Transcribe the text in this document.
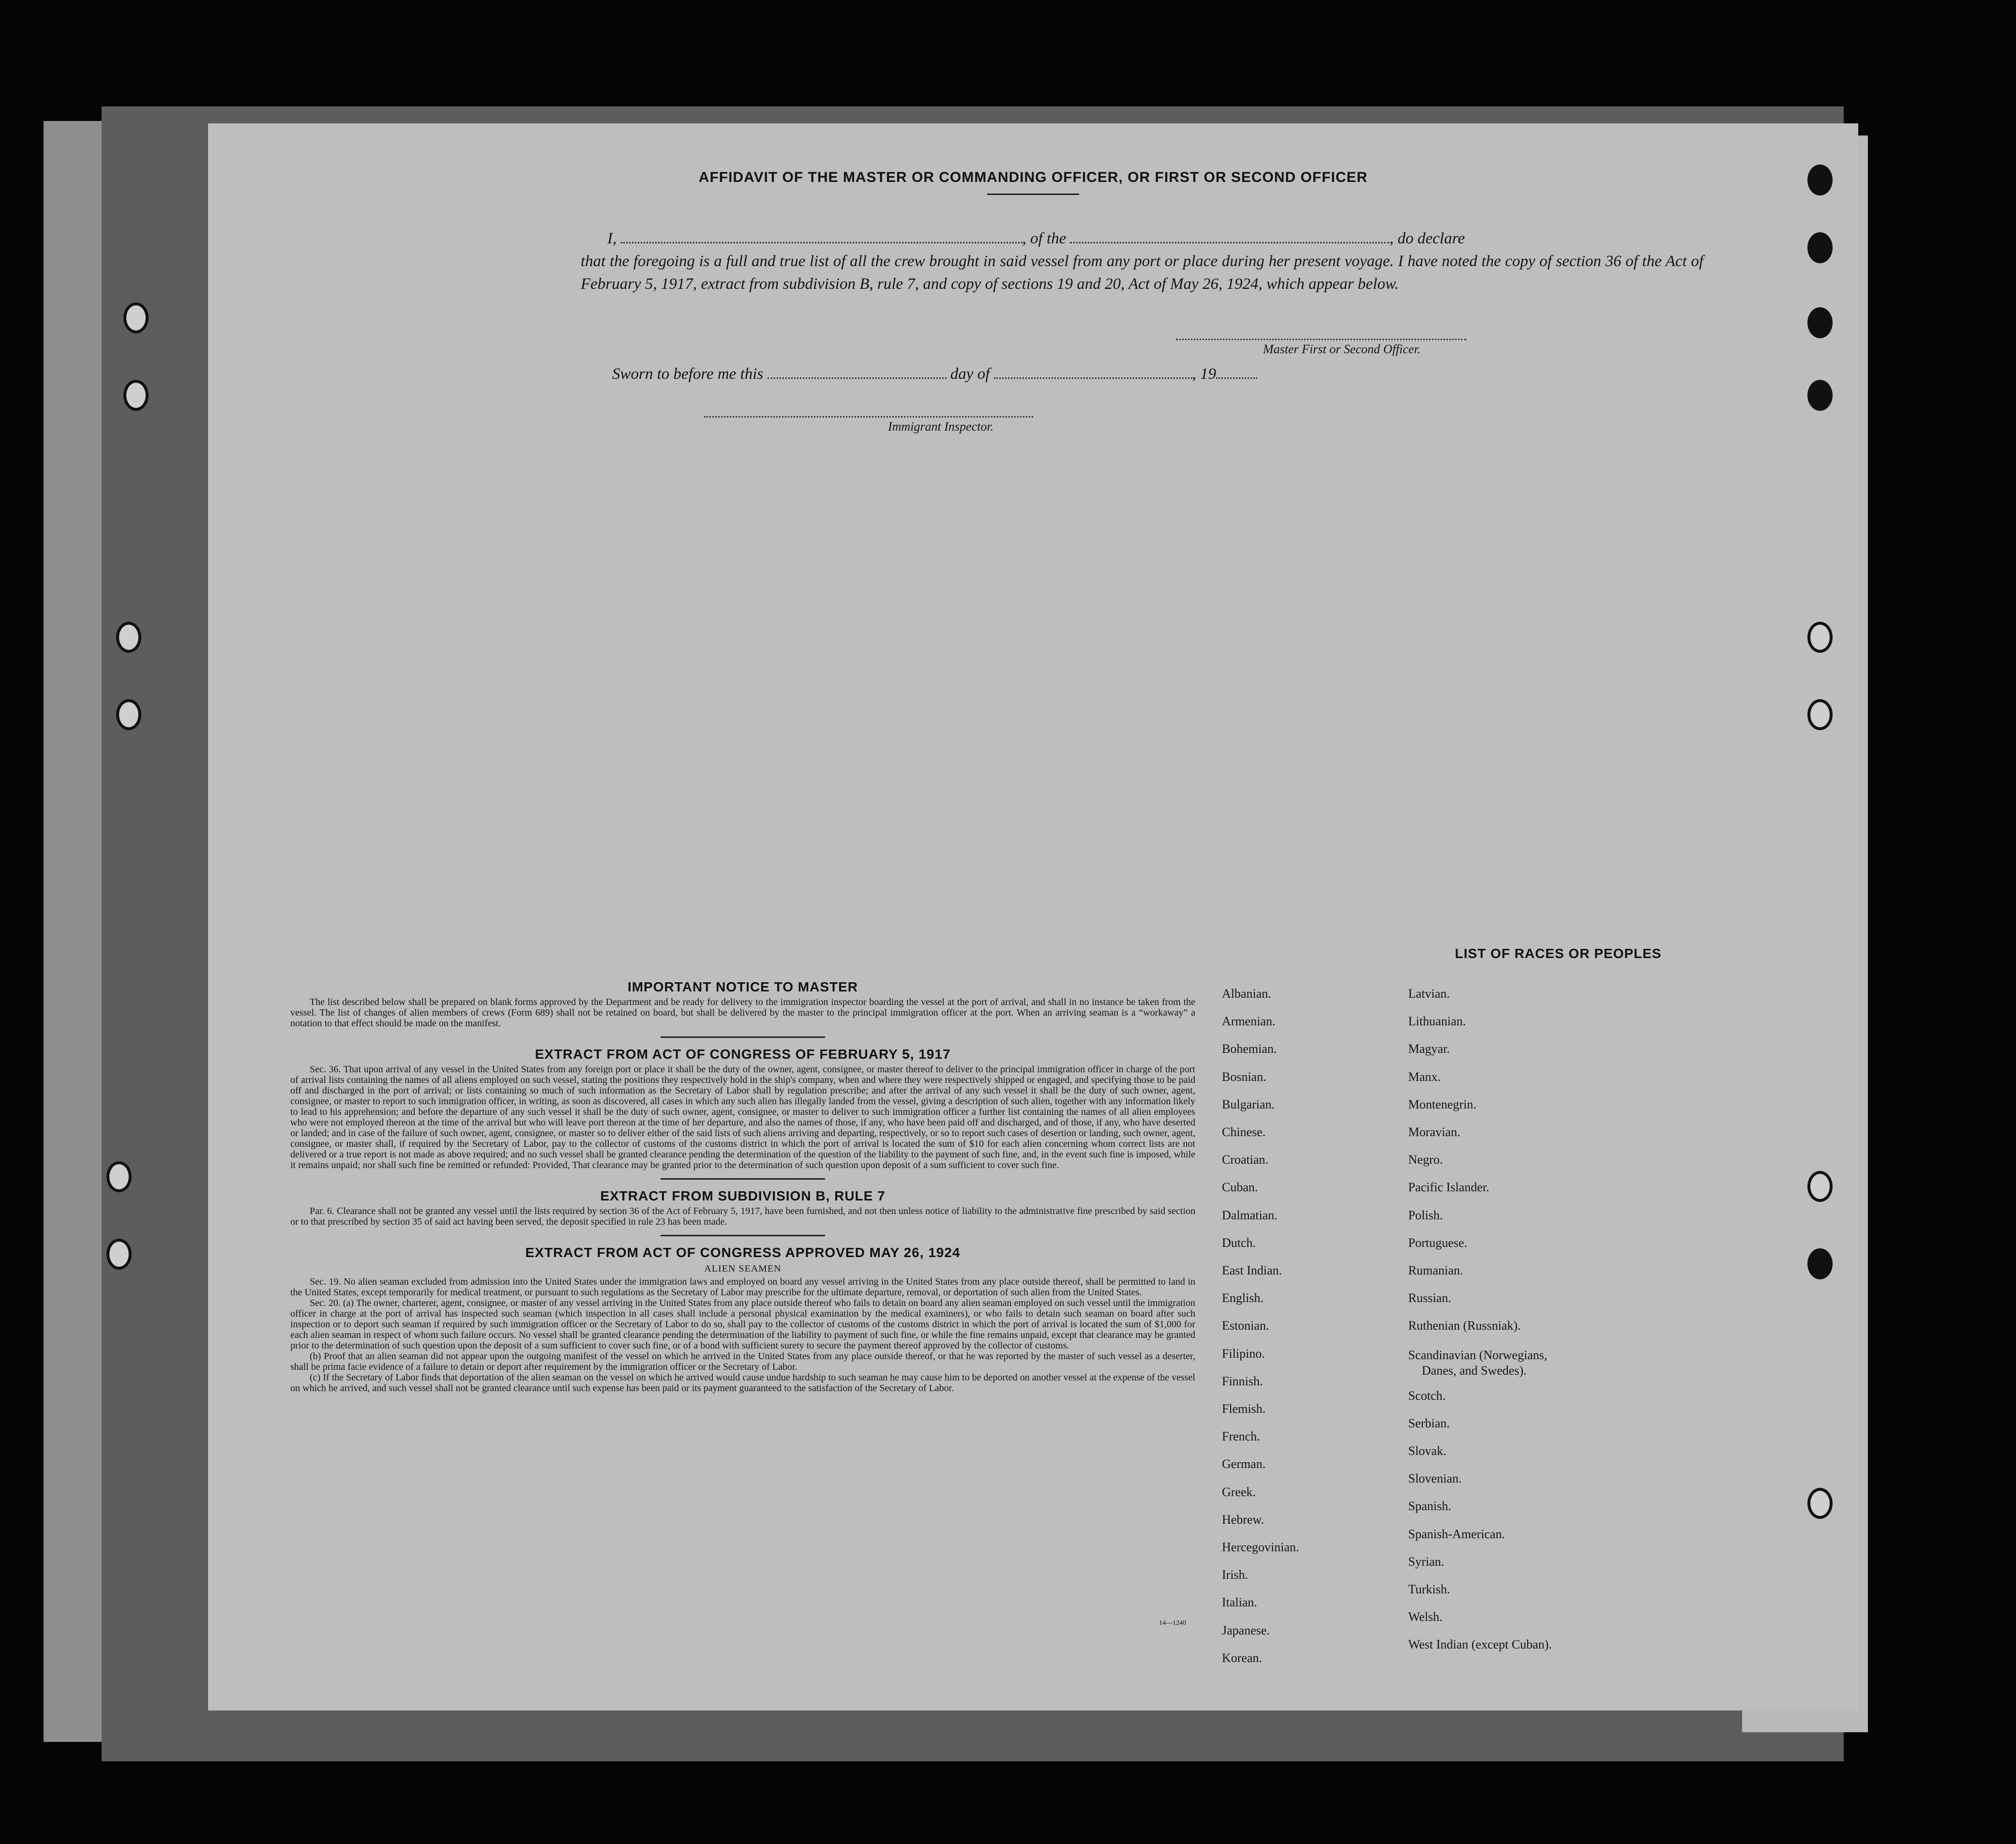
AFFIDAVIT OF THE MASTER OR COMMANDING OFFICER, OR FIRST OR SECOND OFFICER
I,	, of the	, do declare
that the foregoing is a full and true list of all the crew brought in said vessel from any port or place during her present voyage. I have noted the copy of section 36 of the Act of February 5, 1917, extract from subdivision B, rule 7, and copy of sections 19 and 20, Act of May 26, 1924, which appear below.
Master First or Second Officer.
Sworn to before me this	day of	, 19
Immigrant Inspector.
IMPORTANT NOTICE TO MASTER
The list described below shall be prepared on blank forms approved by the Department and be ready for delivery to the immigration inspector boarding the vessel at the port of arrival, and shall in no instance be taken from the vessel. The list of changes of alien members of crews (Form 689) shall not be retained on board, but shall be delivered by the master to the principal immigration officer at the port. When an arriving seaman is a “workaway” a notation to that effect should be made on the manifest.
EXTRACT FROM ACT OF CONGRESS OF FEBRUARY 5, 1917
Sec. 36. That upon arrival of any vessel in the United States from any foreign port or place it shall be the duty of the owner, agent, consignee, or master thereof to deliver to the principal immigration officer in charge of the port of arrival lists containing the names of all aliens employed on such vessel, stating the positions they respectively hold in the ship's company, when and where they were respectively shipped or engaged, and specifying those to be paid off and discharged in the port of arrival; or lists containing so much of such information as the Secretary of Labor shall by regulation prescribe; and after the arrival of any such vessel it shall be the duty of such owner, agent, consignee, or master to report to such immigration officer, in writing, as soon as discovered, all cases in which any such alien has illegally landed from the vessel, giving a description of such alien, together with any information likely to lead to his apprehension; and before the departure of any such vessel it shall be the duty of such owner, agent, consignee, or master to deliver to such immigration officer a further list containing the names of all alien employees who were not employed thereon at the time of the arrival but who will leave port thereon at the time of her departure, and also the names of those, if any, who have been paid off and discharged, and of those, if any, who have deserted or landed; and in case of the failure of such owner, agent, consignee, or master so to deliver either of the said lists of such aliens arriving and departing, respectively, or so to report such cases of desertion or landing, such owner, agent, consignee, or master shall, if required by the Secretary of Labor, pay to the collector of customs of the customs district in which the port of arrival is located the sum of $10 for each alien concerning whom correct lists are not delivered or a true report is not made as above required; and no such vessel shall be granted clearance pending the determination of the question of the liability to the payment of such fine, and, in the event such fine is imposed, while it remains unpaid; nor shall such fine be remitted or refunded: Provided, That clearance may be granted prior to the determination of such question upon deposit of a sum sufficient to cover such fine.
EXTRACT FROM SUBDIVISION B, RULE 7
Par. 6. Clearance shall not be granted any vessel until the lists required by section 36 of the Act of February 5, 1917, have been furnished, and not then unless notice of liability to the administrative fine prescribed by said section or to that prescribed by section 35 of said act having been served, the deposit specified in rule 23 has been made.
EXTRACT FROM ACT OF CONGRESS APPROVED MAY 26, 1924
ALIEN SEAMEN
Sec. 19. No alien seaman excluded from admission into the United States under the immigration laws and employed on board any vessel arriving in the United States from any place outside thereof, shall be permitted to land in the United States, except temporarily for medical treatment, or pursuant to such regulations as the Secretary of Labor may prescribe for the ultimate departure, removal, or deportation of such alien from the United States.
Sec. 20. (a) The owner, charterer, agent, consignee, or master of any vessel arriving in the United States from any place outside thereof who fails to detain on board any alien seaman employed on such vessel until the immigration officer in charge at the port of arrival has inspected such seaman (which inspection in all cases shall include a personal physical examination by the medical examiners), or who fails to detain such seaman on board after such inspection or to deport such seaman if required by such immigration officer or the Secretary of Labor to do so, shall pay to the collector of customs of the customs district in which the port of arrival is located the sum of $1,000 for each alien seaman in respect of whom such failure occurs. No vessel shall be granted clearance pending the determination of the liability to payment of such fine, or while the fine remains unpaid, except that clearance may be granted prior to the determination of such question upon the deposit of a sum sufficient to cover such fine, or of a bond with sufficient surety to secure the payment thereof approved by the collector of customs.
(b) Proof that an alien seaman did not appear upon the outgoing manifest of the vessel on which he arrived in the United States from any place outside thereof, or that he was reported by the master of such vessel as a deserter, shall be prima facie evidence of a failure to detain or deport after requirement by the immigration officer or the Secretary of Labor.
(c) If the Secretary of Labor finds that deportation of the alien seaman on the vessel on which he arrived would cause undue hardship to such seaman he may cause him to be deported on another vessel at the expense of the vessel on which he arrived, and such vessel shall not be granted clearance until such expense has been paid or its payment guaranteed to the satisfaction of the Secretary of Labor.
14—1240
LIST OF RACES OR PEOPLES
Albanian.
Armenian.
Bohemian.
Bosnian.
Bulgarian.
Chinese.
Croatian.
Cuban.
Dalmatian.
Dutch.
East Indian.
English.
Estonian.
Filipino.
Finnish.
Flemish.
French.
German.
Greek.
Hebrew.
Hercegovinian.
Irish.
Italian.
Japanese.
Korean.
Latvian.
Lithuanian.
Magyar.
Manx.
Montenegrin.
Moravian.
Negro.
Pacific Islander.
Polish.
Portuguese.
Rumanian.
Russian.
Ruthenian (Russniak).
Scandinavian (Norwegians,
Danes, and Swedes).
Scotch.
Serbian.
Slovak.
Slovenian.
Spanish.
Spanish-American.
Syrian.
Turkish.
Welsh.
West Indian (except Cuban).
